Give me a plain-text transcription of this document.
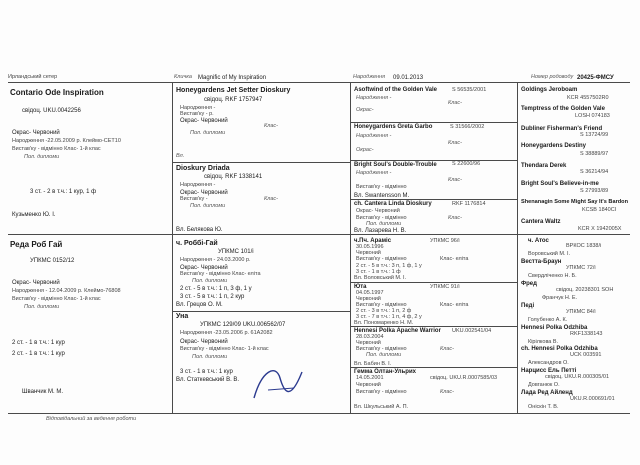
Ирландський сетер	Кличка Magnific of My Inspiration	Народження 09.01.2013	Номер родоводу 20425-ФМСУ
Contario Ode Inspiration
свідоц. UKU.0042256
Окрас- Червоний
Народження -22.05.2009 р. Клеймо-СЕТ10
Вистав'ку - відмінно Клас- 1-й клас
Пол. дипломи
3 ст. - 2 в т.ч.: 1 кур, 1 ф
Кузьменко Ю. І.
Реда Роб Гай
УПКМС 0152/12
Окрас- Червоний
Народження - 12.04.2009 р. Клеймо-76808
Вистав'ку - відмінно Клас- 1-й клас
Пол. дипломи
2 ст. - 1 в т.ч.: 1 кур
2 ст. - 1 в т.ч.: 1 кур
Шванчик М. М.
Honeygardens Jet Setter Dioskury
свідоц. RKF 1757947
Народження -
Вистав'ку - р.
Окрас- Червоний
Клас-
Пол. дипломи
Вл.
Dioskury Driada
свідоц. RKF 1338141
Народження -
Окрас- Червоний
Вистав'ку -	Клас-
Пол. дипломи
Вл. Белякова Ю.
ч. Роббі-Гай
УПКМС 101/і
Народження - 24.03.2000 р.
Окрас- Червоний
Вистав'ку - відмінно Клас- еліта
Пол. дипломи
2 ст. - 5 в т.ч.: 1 п, 3 ф, 1 у
3 ст. - 5 в т.ч.: 1 п, 2 кур
Вл. Грецов О. М.
Уна
УПКМС 129/09 UKU.006562/07
Народження -23.05.2006 р. 61А2082
Окрас- Червоний
Вистав'ку - відмінно Клас- 1-й клас
Пол. дипломи
3 ст. - 1 в т.ч.: 1 кур
Вл. Статкевський В. В.
Asoftwind of the Golden Vale	S 56535/2001
Народження -
Клас-
Окрас-
Honeygardens Greta Garbo	S 31566/2002
Народження -
Клас-
Окрас-
Bright Soul's Double-Trouble	S 22600/96
Народження -
Клас-
Вистав'ку - відмінно
Вл. Swantensson M.
ch. Cantera Linda Dioskury	RKF 1176814
Окрас- Червоний
Вистав'ку - відмінно	Клас-
Пол. дипломи
Вл. Лазарева Н. В.
ч.Пч. Арамiс	УПКМС 96/і
30.05.1996
Червоний
Вистав'ку - відмінно	Клас- еліта
2 ст. - 5 в т.ч.: 3 п, 1 ф, 1 у
3 ст. - 1 в т.ч.: 1 ф
Вл. Воловський М. І.
Юта	УПКМС 91/і
04.05.1997
Червоний
Вистав'ку - відмінно	Клас- еліта
2 ст. - 3 в т.ч.: 1 п, 2 ф
3 ст. - 7 в т.ч.: 1 п, 4 ф, 2 у
Вл. Пономаренко Н. М.
Hennesi Polka Apache Warrior UKU.002541/04
28.03.2004
Червоний
Вистав'ку - відмінно	Клас-
Пол. дипломи
Вл. Бабин В. І.
Гемма Олтан-Ульрих
свідоц. UKU.R.0007585/03
14.05.2001
Червоний
Вистав'ку - відмінно	Клас-
Вл. Шкульський А. П.
Goldings Jeroboam
KCR 4557502R0
Temptress of the Golden Vale
LOSH 074183
Dubliner Fisherman's Friend
S 13724/99
Honeygardens Destiny
S 38889/97
Thendara Derek
S 36214/94
Bright Soul's Believe-in-me
S 27993/89
Shenanagin Some Might Say It's Bardon
KCSB 1840CI
Cantera Waltz
KCR X 1942005X
ч. Атос
ВРКОС 1838/і
Воровський М. І.
Вестта-Браун
УПКМС 72/і
Свердліченко Н. Б.
Фред
свідоц. 20238301 SOH
Франчук Н. Е.
Педі
УПКМС 84/і
Голубенко А. К.
Hennesi Polka Odzhiba
RKF1338143
Кірілкова В.
ch. Hennesi Polka Odzhiba
UCK 003591
Александров О.
Нарцисс Ель Петті
свідоц. UKU.R.000305/01
Довганюк О.
Лада Ред Айленд
UKU.R.000691/01
Оніскін Т. В.
Відповідальний за ведення роботи
